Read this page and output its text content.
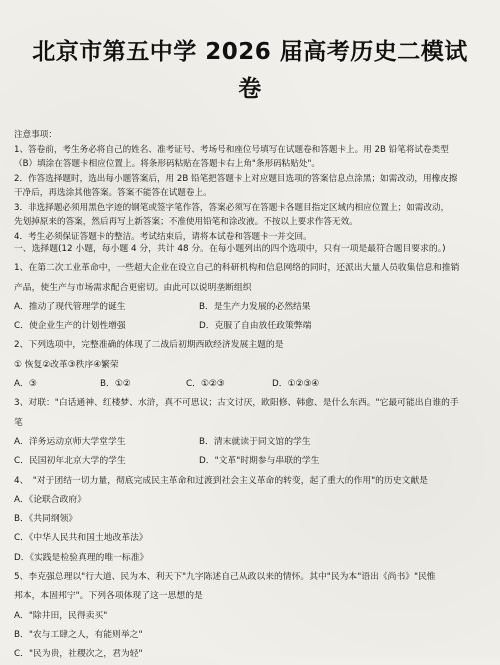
北京市第五中学 2026 届高考历史二模试
卷
注意事项：
1、答卷前，考生务必将自己的姓名、准考证号、考场号和座位号填写在试题卷和答题卡上。用 2B 铅笔将试卷类型
（B）填涂在答题卡相应位置上。将条形码粘贴在答题卡右上角"条形码粘贴处"。
2．作答选择题时，选出每小题答案后，用 2B 铅笔把答题卡上对应题目选项的答案信息点涂黑；如需改动，用橡皮擦
干净后，再选涂其他答案。答案不能答在试题卷上。
3．非选择题必须用黑色字迹的钢笔或签字笔作答，答案必须写在答题卡各题目指定区域内相应位置上；如需改动，
先划掉原来的答案，然后再写上新答案；不准使用铅笔和涂改液。不按以上要求作答无效。
4．考生必须保证答题卡的整洁。考试结束后，请将本试卷和答题卡一并交回。
一、选择题(12 小题，每小题 4 分，共计 48 分。在每小题列出的四个选项中，只有一项是最符合题目要求的。)
1、在第二次工业革命中，一些超大企业在设立自己的科研机构和信息网络的同时，还派出大量人员收集信息和推销
产品，使生产与市场需求配合更密切。由此可以说明垄断组织
A．推动了现代管理学的诞生	B．是生产力发展的必然结果
C．使企业生产的计划性增强	D．克服了自由放任政策弊端
2、下列选项中，完整准确的体现了二战后初期西欧经济发展主题的是
① 恢复②改革③秩序④繁荣
A．③	B．①②	C．①②③	D．①②③④
3、对联："白话通神、红楼梦、水浒，真不可思议；古文讨厌，欧阳修、韩愈、是什么东西。"它最可能出自谁的手
笔
A．洋务运动京师大学堂学生	B．清末就读于同文馆的学生
C．民国初年北京大学的学生	D．"文革"时期参与串联的学生
4、　"对于团结一切力量，彻底完成民主革命和过渡到社会主义革命的转变，起了重大的作用"的历史文献是
A．《论联合政府》
B．《共同纲领》
C．《中华人民共和国土地改革法》
D．《实践是检验真理的唯一标准》
5、李克强总理以"行大道、民为本、利天下"九字陈述自己从政以来的情怀。其中"民为本"语出《尚书》"民惟
邦本，本固邦宁"。下列各项体现了这一思想的是
A．"除井田，民得卖买"
B．"农与工肆之人，有能则举之"
C．"民为贵，社稷次之，君为轻"
